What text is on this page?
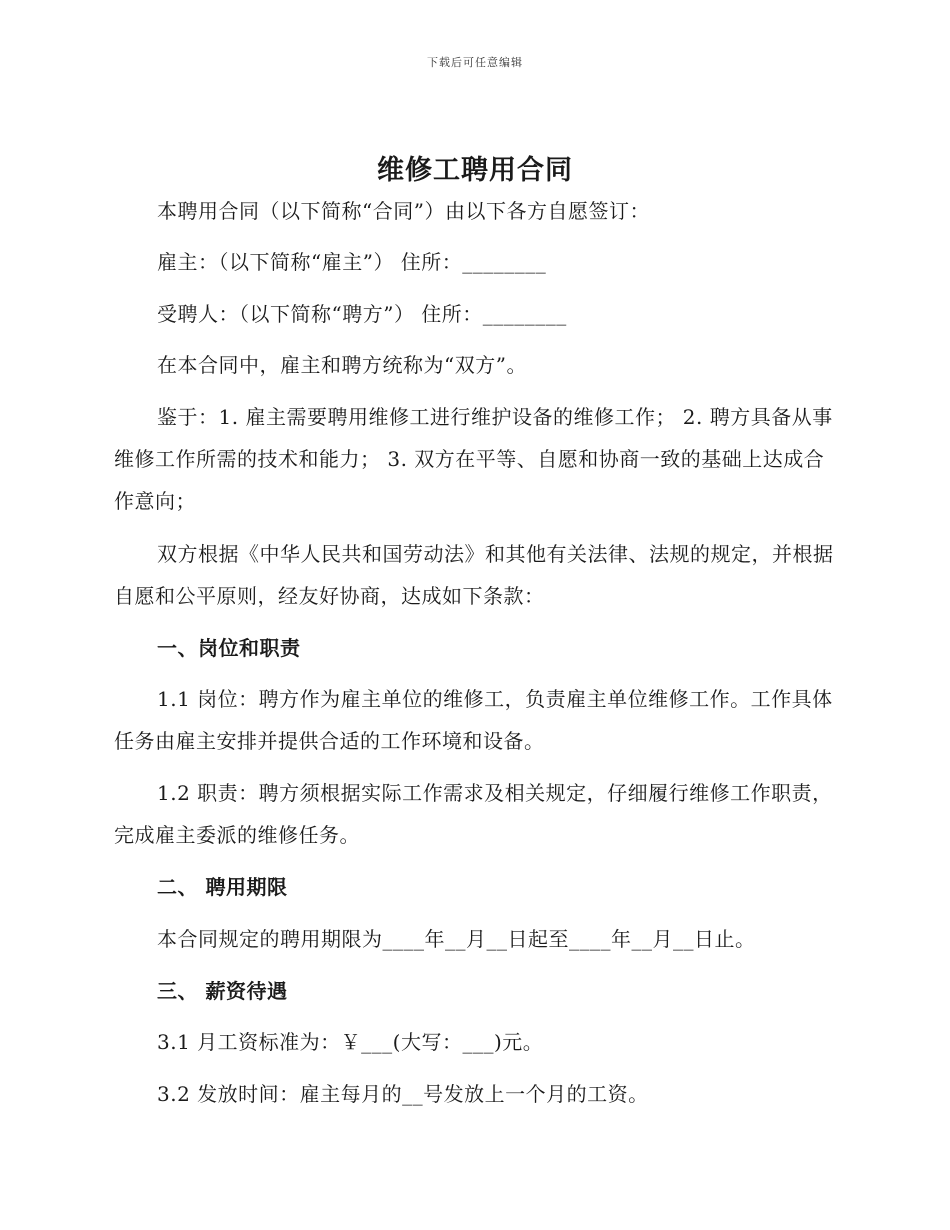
下载后可任意编辑
维修工聘用合同
本聘用合同（以下简称“合同”）由以下各方自愿签订：
雇主：（以下简称“雇主”） 住所：________
受聘人：（以下简称“聘方”） 住所：________
在本合同中，雇主和聘方统称为“双方”。
鉴于：1. 雇主需要聘用维修工进行维护设备的维修工作； 2. 聘方具备从事维修工作所需的技术和能力； 3. 双方在平等、自愿和协商一致的基础上达成合作意向；
双方根据《中华人民共和国劳动法》和其他有关法律、法规的规定，并根据自愿和公平原则，经友好协商，达成如下条款：
一、岗位和职责
1.1 岗位：聘方作为雇主单位的维修工，负责雇主单位维修工作。工作具体任务由雇主安排并提供合适的工作环境和设备。
1.2 职责：聘方须根据实际工作需求及相关规定，仔细履行维修工作职责，完成雇主委派的维修任务。
二、 聘用期限
本合同规定的聘用期限为____年__月__日起至____年__月__日止。
三、 薪资待遇
3.1 月工资标准为：￥___(大写：___)元。
3.2 发放时间：雇主每月的__号发放上一个月的工资。
